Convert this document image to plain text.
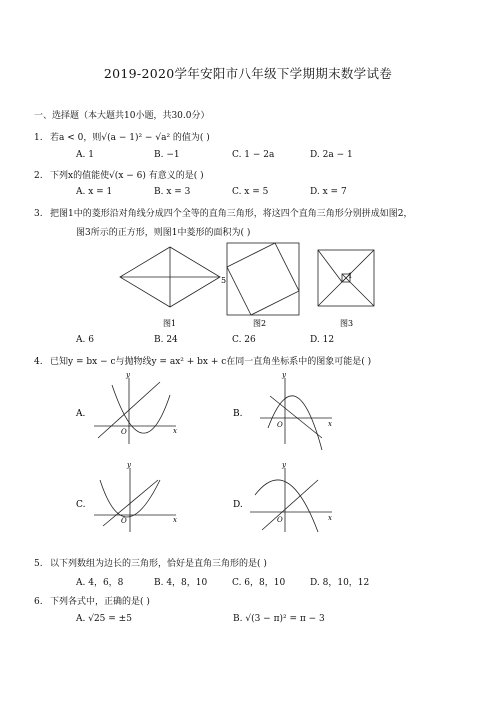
2019-2020学年安阳市八年级下学期期末数学试卷
一、选择题（本大题共10小题，共30.0分）
1. 若a < 0，则√(a − 1)² − √a² 的值为( )
A. 1	B. −1	C. 1 − 2a	D. 2a − 1
2. 下列x的值能使√(x − 6) 有意义的是( )
A. x = 1	B. x = 3	C. x = 5	D. x = 7
3. 把图1中的菱形沿对角线分成四个全等的直角三角形，将这四个直角三角形分别拼成如图2，
图3所示的正方形，则图1中菱形的面积为( )
5	1
图1	图2	图3
y
x
O
y
x
O
y
x
O
y
x
O
A.	B.
C.	D.
A. 6	B. 24	C. 26	D. 12
4. 已知y = bx − c与抛物线y = ax² + bx + c在同一直角坐标系中的图象可能是( )
5. 以下列数组为边长的三角形，恰好是直角三角形的是( )
A. 4，6，8	B. 4，8，10	C. 6，8，10	D. 8，10，12
6. 下列各式中，正确的是( )
A. √25 = ±5	B. √(3 − π)² = π − 3
